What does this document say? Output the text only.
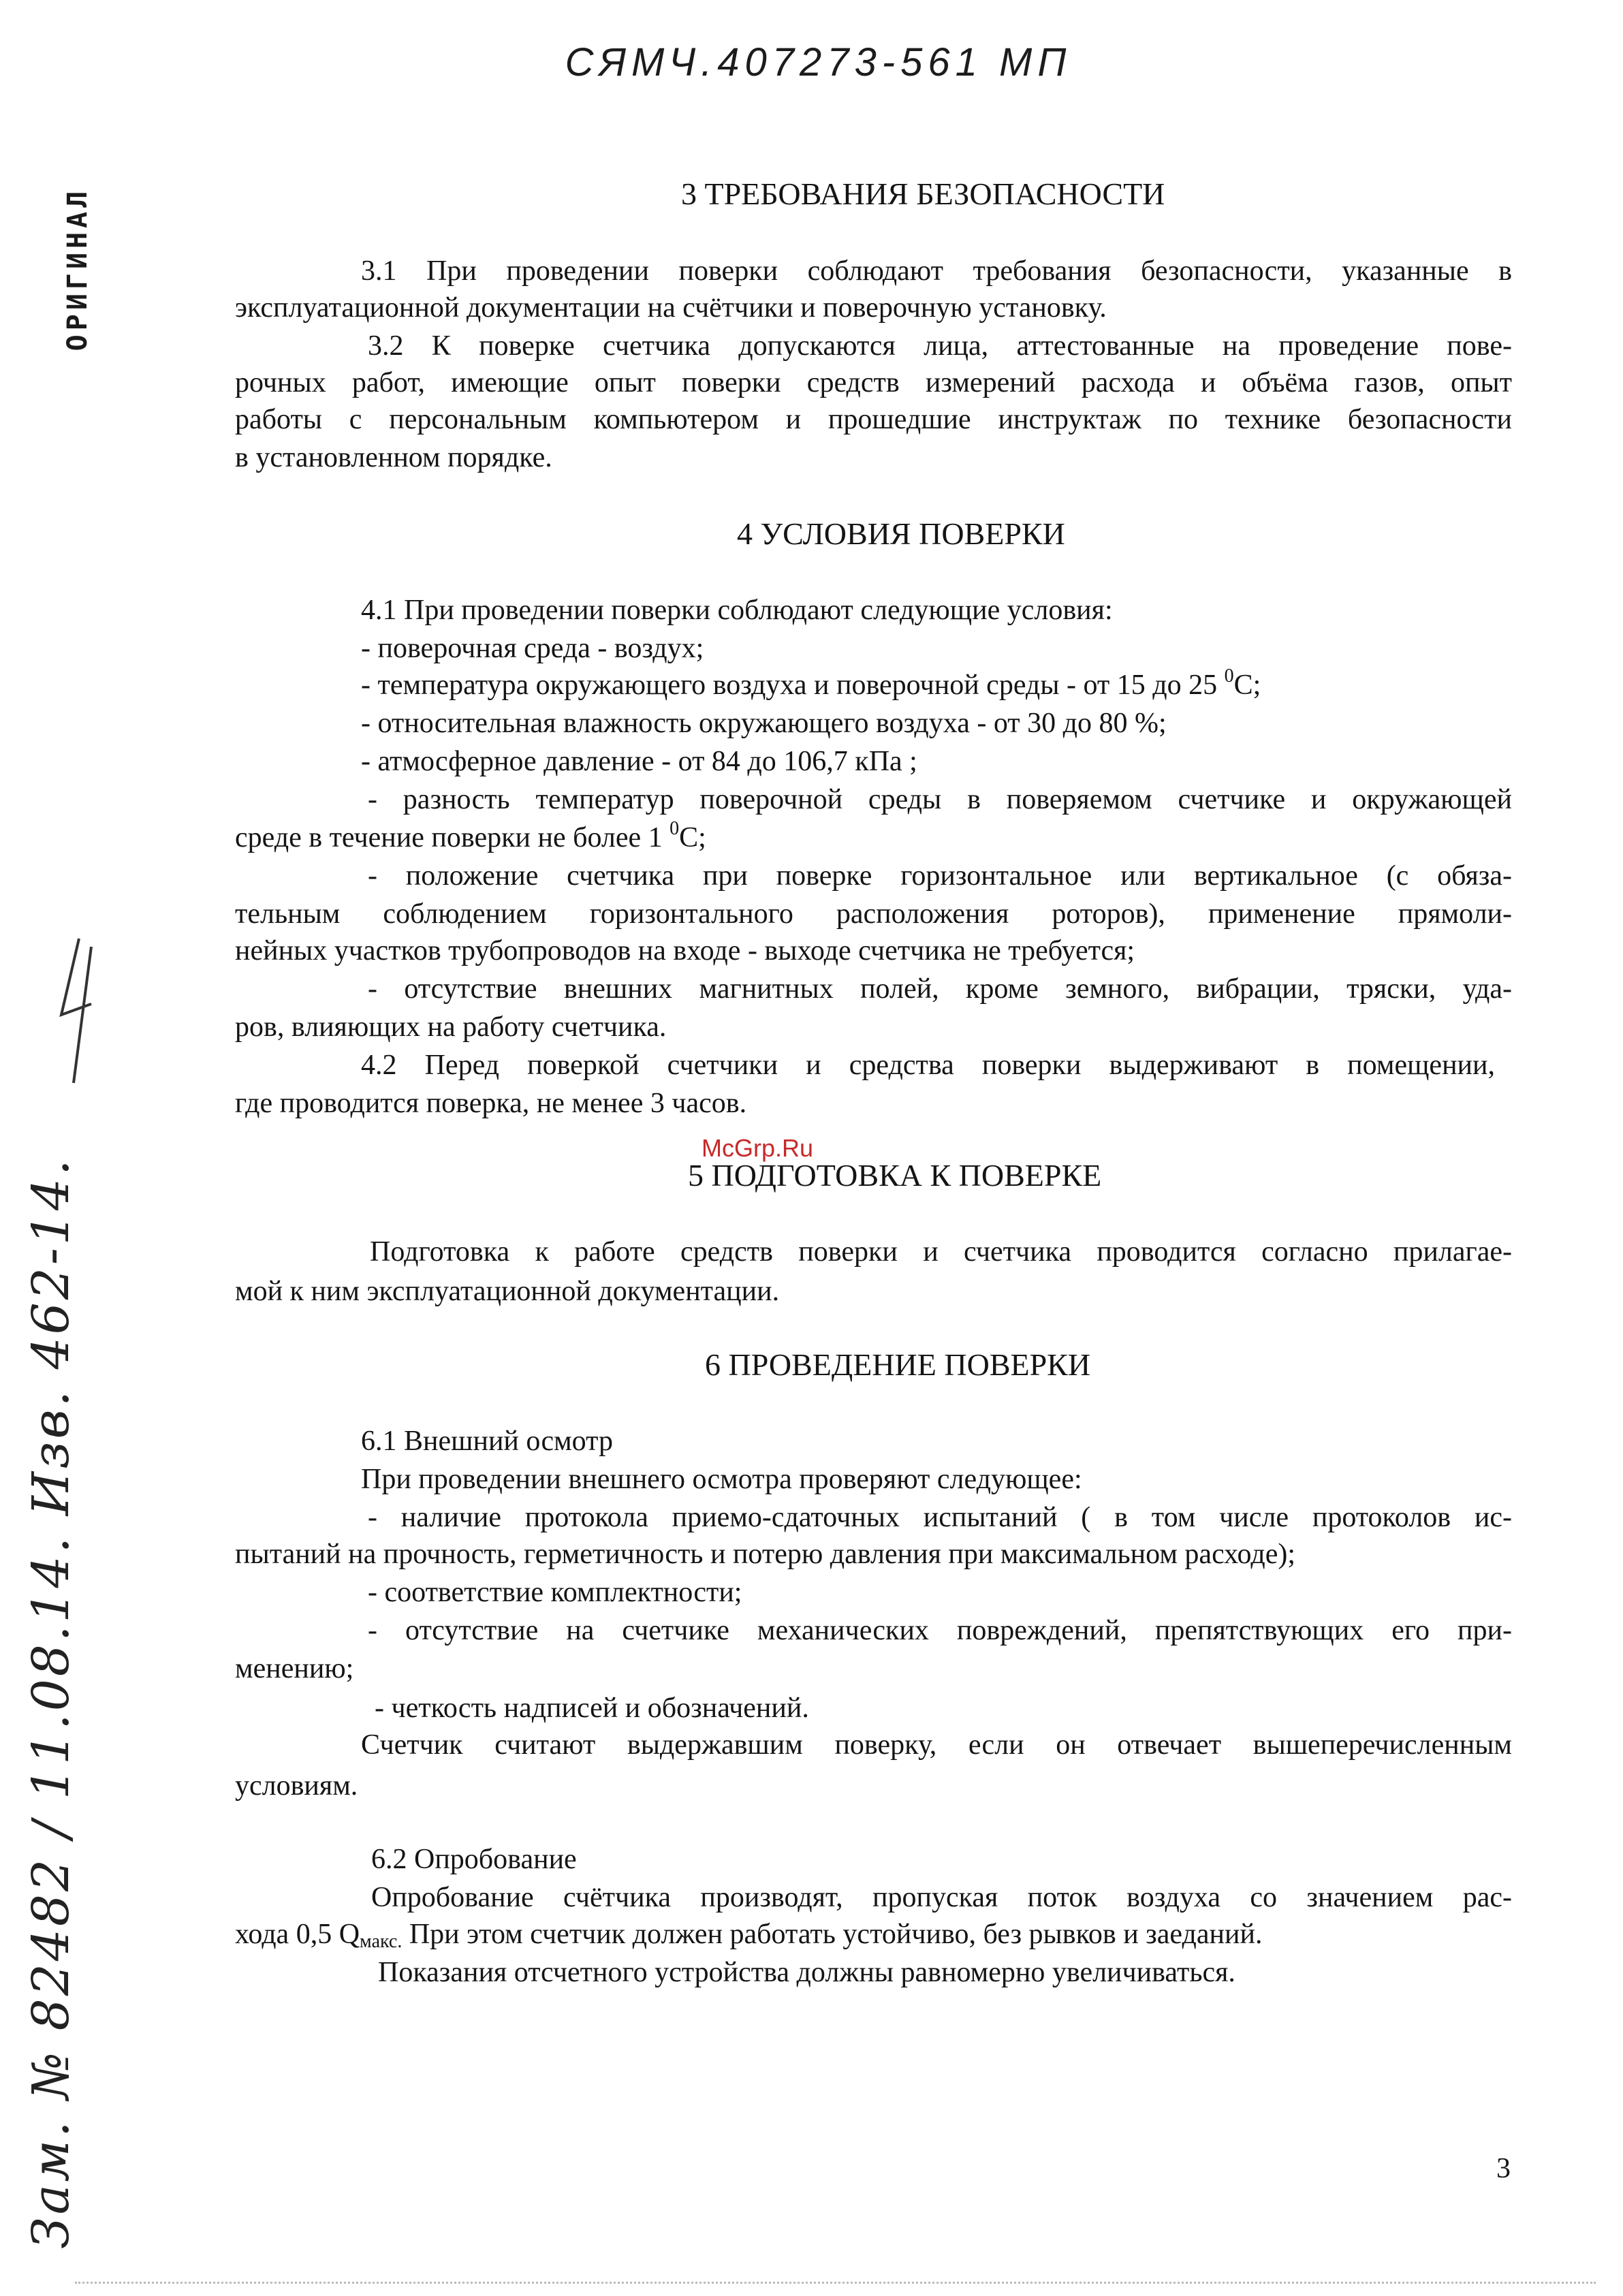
СЯМЧ.407273-561 МП
ОРИГИНАЛ
Зам. № 82482 / 11.08.14. Изв. 462-14.
3 ТРЕБОВАНИЯ БЕЗОПАСНОСТИ
3.1 При проведении поверки соблюдают требования безопасности, указанные в
эксплуатационной документации на счётчики и поверочную установку.
3.2 К поверке счетчика допускаются лица, аттестованные на проведение пове-
рочных работ, имеющие опыт поверки средств измерений расхода и объёма газов, опыт
работы с персональным компьютером и прошедшие инструктаж по технике безопасности
в установленном порядке.
4 УСЛОВИЯ ПОВЕРКИ
4.1 При проведении поверки соблюдают следующие условия:
- поверочная среда - воздух;
- температура окружающего воздуха и поверочной среды - от 15 до 25 $^0$С;
- относительная влажность окружающего воздуха - от 30 до 80 %;
- атмосферное давление - от 84 до 106,7 кПа ;
- разность температур поверочной среды в поверяемом счетчике и окружающей
среде в течение поверки не более 1 $^0$С;
- положение счетчика при поверке горизонтальное или вертикальное (с обяза-
тельным соблюдением горизонтального расположения роторов), применение прямоли-
нейных участков трубопроводов на входе - выходе счетчика не требуется;
- отсутствие внешних магнитных полей, кроме земного, вибрации, тряски, уда-
ров, влияющих на работу счетчика.
4.2 Перед поверкой счетчики и средства поверки выдерживают в помещении,
где проводится поверка, не менее 3 часов.
McGrp.Ru
5 ПОДГОТОВКА К ПОВЕРКЕ
Подготовка к работе средств поверки и счетчика проводится согласно прилагае-
мой к ним эксплуатационной документации.
6 ПРОВЕДЕНИЕ ПОВЕРКИ
6.1 Внешний осмотр
При проведении внешнего осмотра проверяют следующее:
- наличие протокола приемо-сдаточных испытаний ( в том числе протоколов ис-
пытаний на прочность, герметичность и потерю давления при максимальном расходе);
- соответствие комплектности;
- отсутствие на счетчике механических повреждений, препятствующих его при-
менению;
- четкость надписей и обозначений.
Счетчик считают выдержавшим поверку, если он отвечает вышеперечисленным
условиям.
6.2 Опробование
Опробование счётчика производят, пропуская поток воздуха со значением рас-
хода 0,5 $Q_{макс.}$ При этом счетчик должен работать устойчиво, без рывков и заеданий.
Показания отсчетного устройства должны равномерно увеличиваться.
3
